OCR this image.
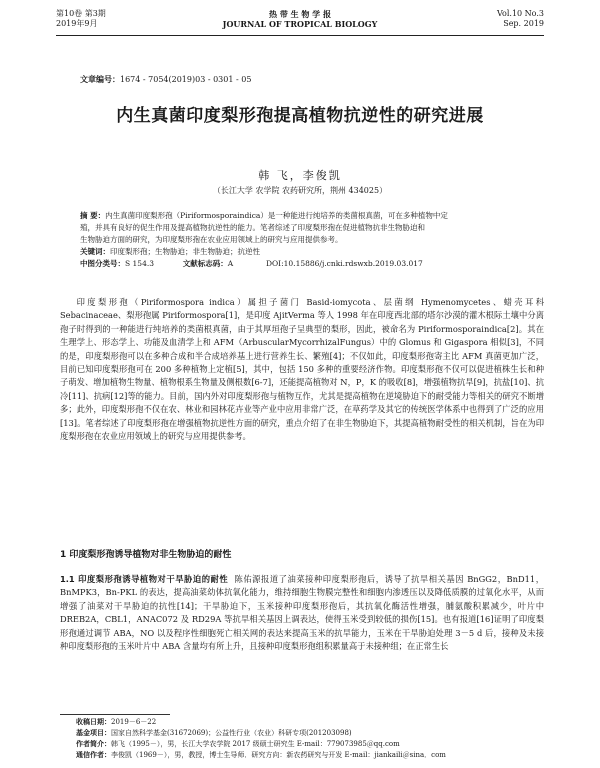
第10卷 第3期
2019年9月
热 带 生 物 学 报
JOURNAL OF TROPICAL BIOLOGY
Vol.10 No.3
Sep. 2019
文章编号：1674 - 7054(2019)03 - 0301 - 05
内生真菌印度梨形孢提高植物抗逆性的研究进展
韩 飞，李俊凯
（长江大学 农学院 农药研究所，荆州 434025）

摘 要：内生真菌印度梨形孢（Piriformosporaindica）是一种能进行纯培养的类菌根真菌，可在多种植物中定

殖，并具有良好的促生作用及提高植物抗逆性的能力。笔者综述了印度梨形孢在促进植物抗非生物胁迫和

生物胁迫方面的研究，为印度梨形孢在农业应用领域上的研究与应用提供参考。

关键词：印度梨形孢；生物胁迫；非生物胁迫；抗逆性

中图分类号：S 154.3	文献标志码：A	DOI:10.15886/j.cnki.rdswxb.2019.03.017

印度梨形孢（Piriformospora indica）属担子菌门 Basid-iomycota、层菌纲 Hymenomycetes、蜡壳耳科 Sebacinaceae、梨形孢属 Piriformospora[1]，是印度 AjitVerma 等人 1998 年在印度西北部的塔尔沙漠的灌木根际土壤中分离孢子时得到的一种能进行纯培养的类菌根真菌，由于其厚垣孢子呈典型的梨形，因此，被命名为 Piriformosporaindica[2]。其在生理学上、形态学上、功能及血清学上和 AFM（ArbuscularMycorrhizalFungus）中的 Glomus 和 Gigaspora 相似[3]，不同的是，印度梨形孢可以在多种合成和半合成培养基上进行营养生长、繁殖[4]；不仅如此，印度梨形孢寄主比 AFM 真菌更加广泛，目前已知印度梨形孢可在 200 多种植物上定植[5]，其中，包括 150 多种的重要经济作物。印度梨形孢不仅可以促进植株生长和种子萌发、增加植物生物量、植物根系生物量及侧根数[6-7]，还能提高植物对 N，P，K 的吸收[8]，增强植物抗旱[9]，抗盐[10]、抗冷[11]、抗病[12]等的能力。目前，国内外对印度梨形孢与植物互作，尤其是提高植物在逆境胁迫下的耐受能力等相关的研究不断增多；此外，印度梨形孢不仅在农、林业和园林花卉业等产业中应用非常广泛，在草药学及其它的传统医学体系中也得到了广泛的应用[13]。笔者综述了印度梨形孢在增强植物抗逆性方面的研究，重点介绍了在非生物胁迫下，其提高植物耐受性的相关机制，旨在为印度梨形孢在农业应用领域上的研究与应用提供参考。

1 印度梨形孢诱导植物对非生物胁迫的耐性

1.1 印度梨形孢诱导植物对干旱胁迫的耐性 陈佑源报道了油菜接种印度梨形孢后，诱导了抗旱相关基因 BnGG2，BnD11，BnMPK3，Bn-PKL 的表达，提高油菜幼体抗氧化能力，维持细胞生物膜完整性和细胞内渗透压以及降低质膜的过氧化水平，从而增强了油菜对干旱胁迫的抗性[14]；干旱胁迫下，玉米接种印度梨形孢后，其抗氧化酶活性增强，脯氨酸积累减少，叶片中 DREB2A，CBL1，ANAC072 及 RD29A 等抗旱相关基因上调表达，使得玉米受到较低的损伤[15]。也有报道[16]证明了印度梨形孢通过调节 ABA，NO 以及程序性细胞死亡相关网的表达来提高玉米的抗旱能力，玉米在干旱胁迫处理 3－5 d 后，接种及未接种印度梨形孢的玉米叶片中 ABA 含量均有所上升，且接种印度梨形孢组积累量高于未接种组；在正常生长

收稿日期：2019－6－22

基金项目：国家自然科学基金(31672069)；公益性行业（农业）科研专项(201203098)

作者简介：韩飞（1995－），男，长江大学农学院 2017 级硕士研究生 E-mail：779073985＠qq.com

通信作者：李俊凯（1969－），男，教授，博士生导师．研究方向：新农药研究与开发 E-mail：jiankaili＠sina．com
